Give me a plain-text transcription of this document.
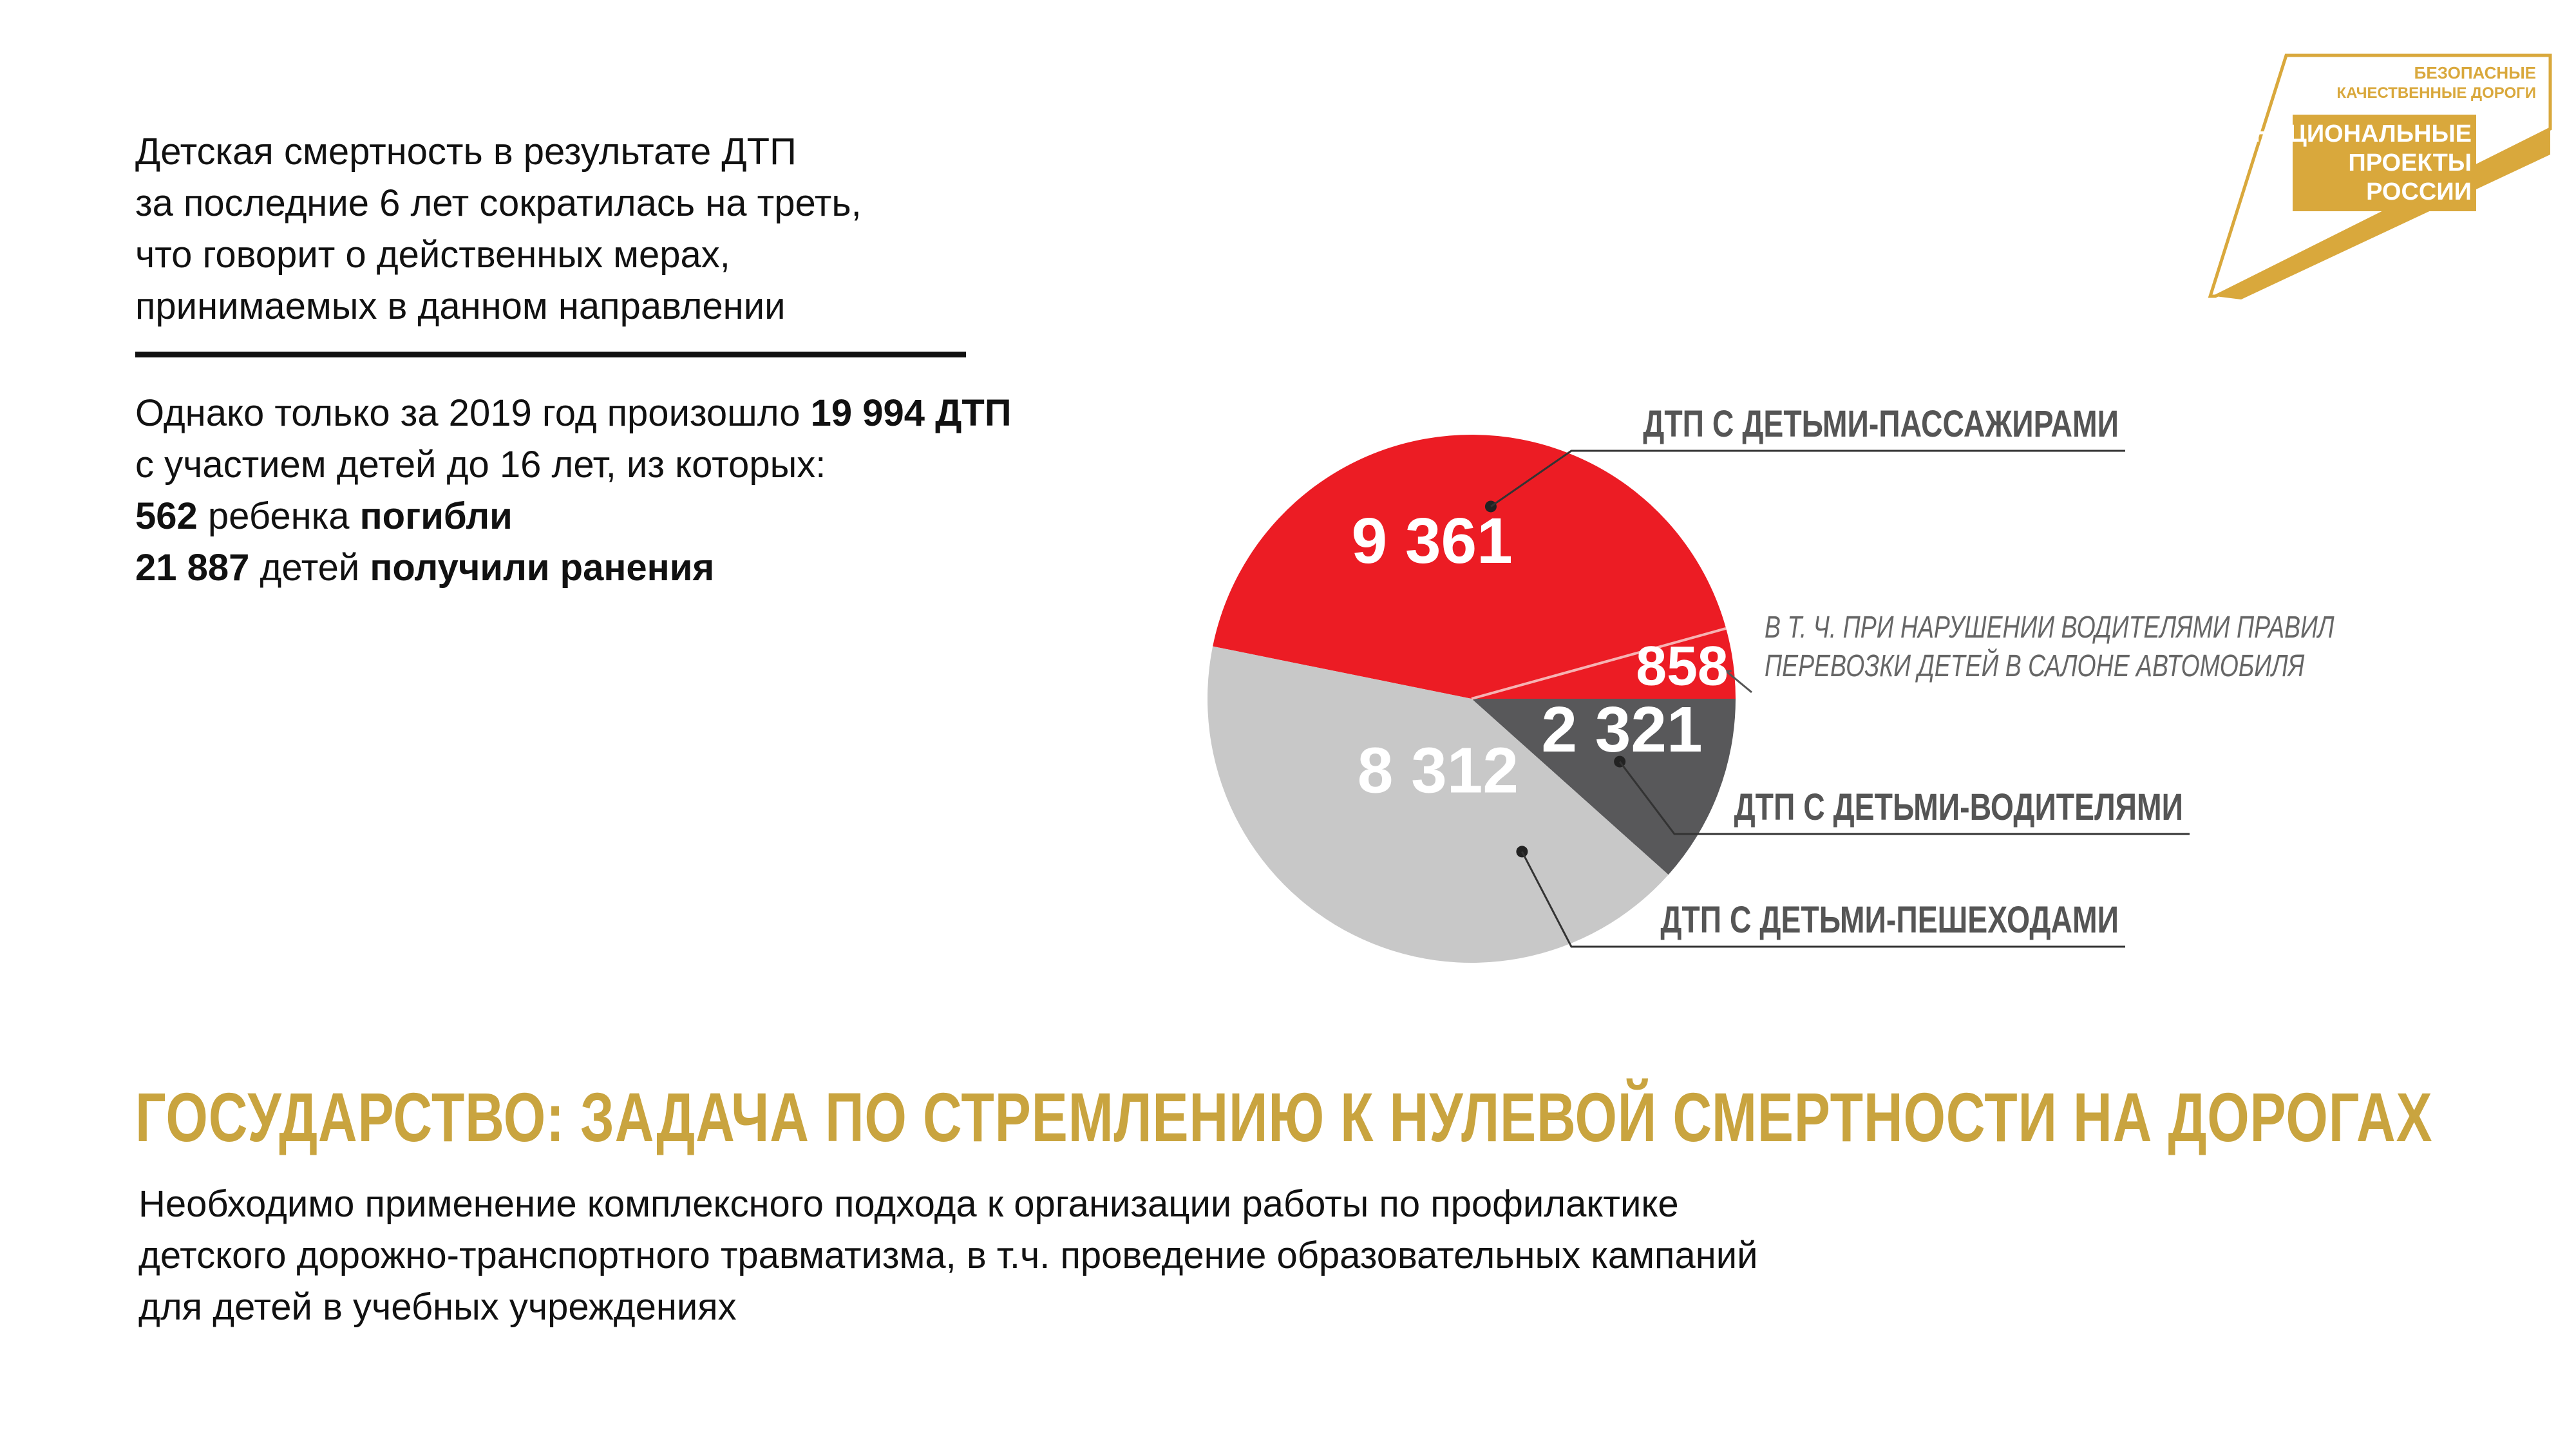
Детская смертность в результате ДТП
за последние 6 лет сократилась на треть,
что говорит о действенных мерах,
принимаемых в данном направлении

Однако только за 2019 год произошло 19 994 ДТП

с участием детей до 16 лет, из которых:

562 ребенка погибли

21 887 детей получили ранения

БЕЗОПАСНЫЕ
КАЧЕСТВЕННЫЕ ДОРОГИ
НАЦИОНАЛЬНЫЕ
ПРОЕКТЫ
РОССИИ
9 361
858
2 321
8 312
ДТП С ДЕТЬМИ-ПАССАЖИРАМИ
ДТП С ДЕТЬМИ-ВОДИТЕЛЯМИ
ДТП С ДЕТЬМИ-ПЕШЕХОДАМИ
В Т. Ч. ПРИ НАРУШЕНИИ ВОДИТЕЛЯМИ ПРАВИЛ
ПЕРЕВОЗКИ ДЕТЕЙ В САЛОНЕ АВТОМОБИЛЯ
ГОСУДАРСТВО: ЗАДАЧА ПО СТРЕМЛЕНИЮ К НУЛЕВОЙ СМЕРТНОСТИ НА ДОРОГАХ
Необходимо применение комплексного подхода к организации работы по профилактике
детского дорожно-транспортного травматизма, в т.ч. проведение образовательных кампаний
для детей в учебных учреждениях
